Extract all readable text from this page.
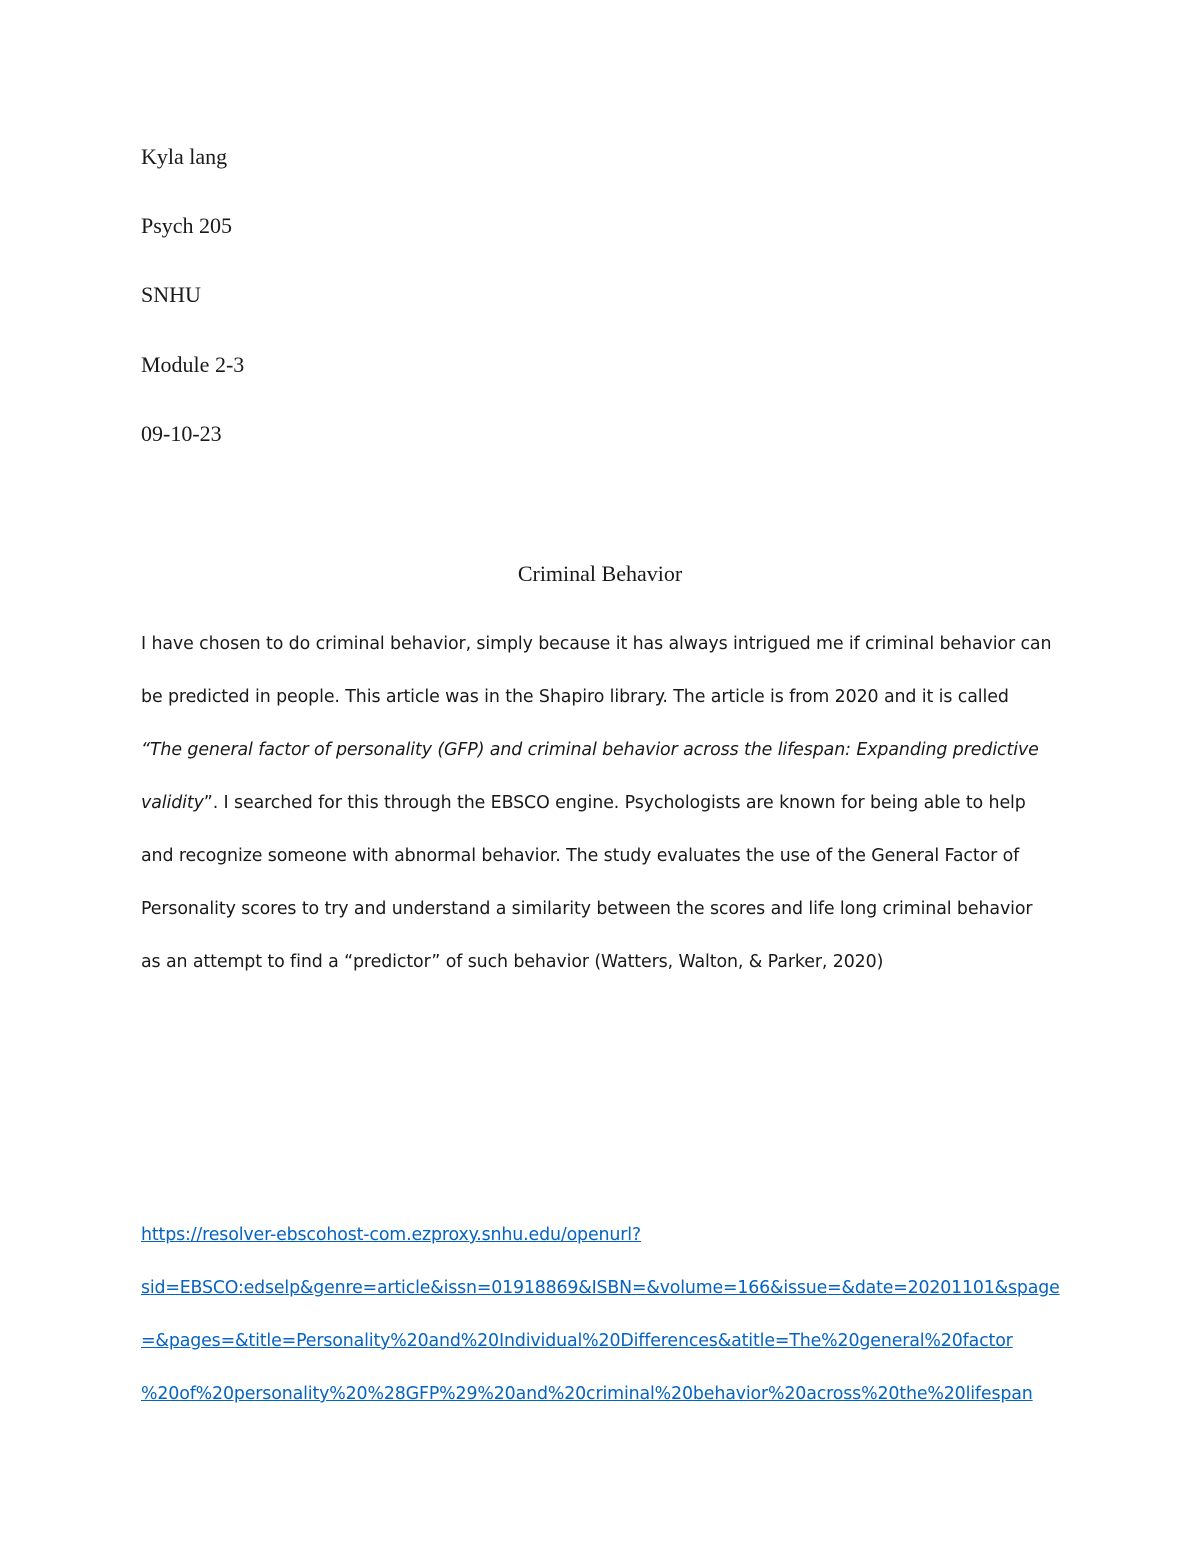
Kyla lang
Psych 205
SNHU
Module 2-3
09-10-23
Criminal Behavior
I have chosen to do criminal behavior, simply because it has always intrigued me if criminal behavior can
be predicted in people. This article was in the Shapiro library. The article is from 2020 and it is called
“The general factor of personality (GFP) and criminal behavior across the lifespan: Expanding predictive
validity”. I searched for this through the EBSCO engine. Psychologists are known for being able to help
and recognize someone with abnormal behavior. The study evaluates the use of the General Factor of
Personality scores to try and understand a similarity between the scores and life long criminal behavior
as an attempt to find a “predictor” of such behavior (Watters, Walton, & Parker, 2020)
https://resolver-ebscohost-com.ezproxy.snhu.edu/openurl?
sid=EBSCO:edselp&genre=article&issn=01918869&ISBN=&volume=166&issue=&date=20201101&spage
=&pages=&title=Personality%20and%20Individual%20Differences&atitle=The%20general%20factor
%20of%20personality%20%28GFP%29%20and%20criminal%20behavior%20across%20the%20lifespan
